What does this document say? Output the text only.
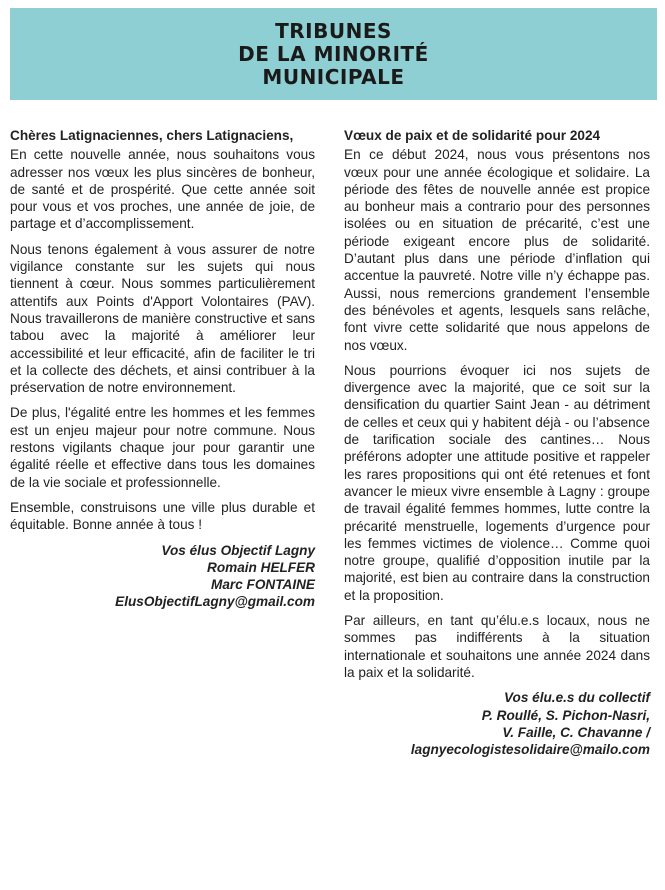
TRIBUNES
DE LA MINORITÉ
MUNICIPALE

Chères Latignaciennes, chers Latignaciens,

En cette nouvelle année, nous souhaitons vous adresser nos vœux les plus sincères de bonheur, de santé et de prospérité. Que cette année soit pour vous et vos proches, une année de joie, de partage et d’accomplissement.

Nous tenons également à vous assurer de notre vigilance constante sur les sujets qui nous tiennent à cœur. Nous sommes particulièrement attentifs aux Points d'Apport Volontaires (PAV). Nous travaillerons de manière constructive et sans tabou avec la majorité à améliorer leur accessibilité et leur efficacité, afin de faciliter le tri et la collecte des déchets, et ainsi contribuer à la préservation de notre environnement.

De plus, l'égalité entre les hommes et les femmes est un enjeu majeur pour notre commune. Nous restons vigilants chaque jour pour garantir une égalité réelle et effective dans tous les domaines de la vie sociale et professionnelle.

Ensemble, construisons une ville plus durable et équitable. Bonne année à tous !

Vos élus Objectif Lagny
Romain HELFER
Marc FONTAINE
ElusObjectifLagny@gmail.com

Vœux de paix et de solidarité pour 2024

En ce début 2024, nous vous présentons nos vœux pour une année écologique et solidaire. La période des fêtes de nouvelle année est propice au bonheur mais a contrario pour des personnes isolées ou en situation de précarité, c’est une période exigeant encore plus de solidarité. D’autant plus dans une période d’inflation qui accentue la pauvreté. Notre ville n’y échappe pas. Aussi, nous remercions grandement l’ensemble des bénévoles et agents, lesquels sans relâche, font vivre cette solidarité que nous appelons de nos vœux.

Nous pourrions évoquer ici nos sujets de divergence avec la majorité, que ce soit sur la densification du quartier Saint Jean - au détriment de celles et ceux qui y habitent déjà - ou l’absence de tarification sociale des cantines… Nous préférons adopter une attitude positive et rappeler les rares propositions qui ont été retenues et font avancer le mieux vivre ensemble à Lagny : groupe de travail égalité femmes hommes, lutte contre la précarité menstruelle, logements d’urgence pour les femmes victimes de violence… Comme quoi notre groupe, qualifié d’opposition inutile par la majorité, est bien au contraire dans la construction et la proposition.

Par ailleurs, en tant qu’élu.e.s locaux, nous ne sommes pas indifférents à la situation internationale et souhaitons une année 2024 dans la paix et la solidarité.

Vos élu.e.s du collectif
P. Roullé, S. Pichon-Nasri,
V. Faille, C. Chavanne /
lagnyecologistesolidaire@mailo.com
